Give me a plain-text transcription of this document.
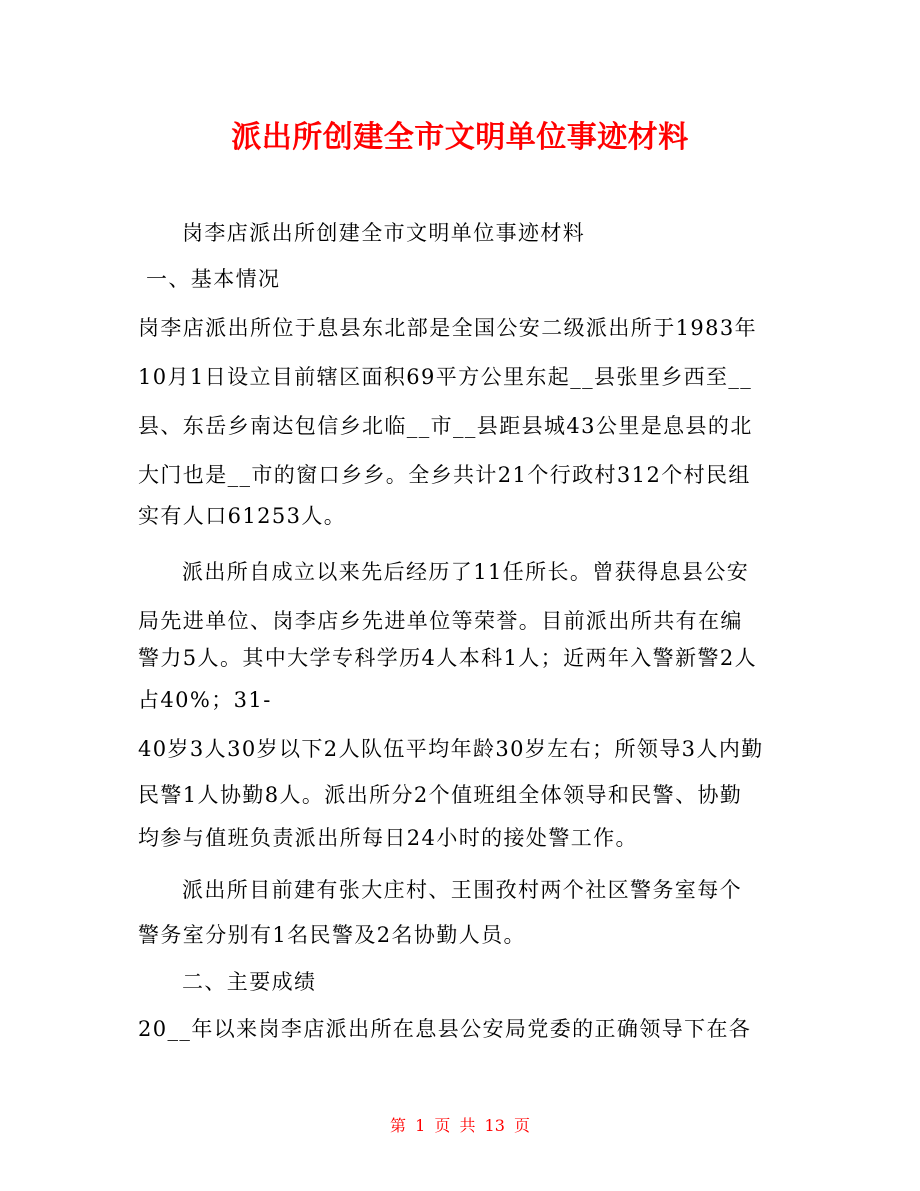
派出所创建全市文明单位事迹材料
岗李店派出所创建全市文明单位事迹材料
一、基本情况
岗李店派出所位于息县东北部是全国公安二级派出所于1983年
10月1日设立目前辖区面积69平方公里东起__县张里乡西至__
县、东岳乡南达包信乡北临__市__县距县城43公里是息县的北
大门也是__市的窗口乡乡。全乡共计21个行政村312个村民组
实有人口61253人。
派出所自成立以来先后经历了11任所长。曾获得息县公安
局先进单位、岗李店乡先进单位等荣誉。目前派出所共有在编
警力5人。其中大学专科学历4人本科1人；近两年入警新警2人
占40%；31-
40岁3人30岁以下2人队伍平均年龄30岁左右；所领导3人内勤
民警1人协勤8人。派出所分2个值班组全体领导和民警、协勤
均参与值班负责派出所每日24小时的接处警工作。
派出所目前建有张大庄村、王围孜村两个社区警务室每个
警务室分别有1名民警及2名协勤人员。
二、主要成绩
20__年以来岗李店派出所在息县公安局党委的正确领导下在各
第 1 页 共 13 页
